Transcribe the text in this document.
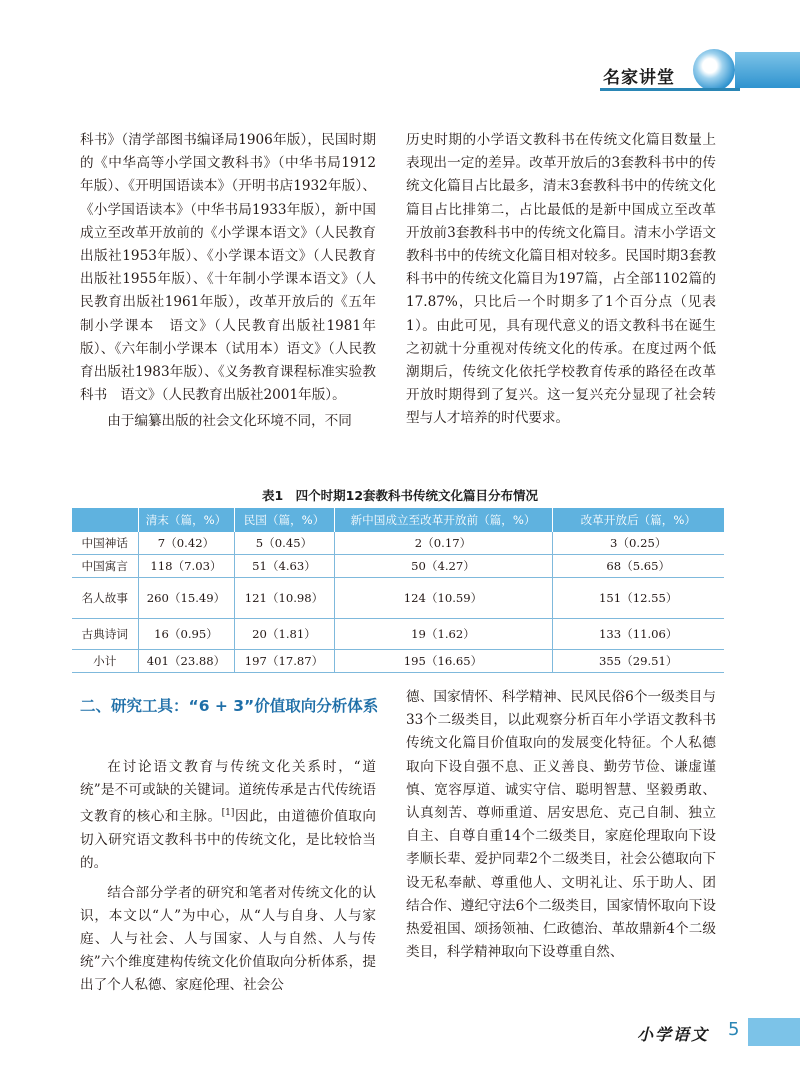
名家讲堂

科书》（清学部图书编译局1906年版），民国时期的《中华高等小学国文教科书》（中华书局1912年版）、《开明国语读本》（开明书店1932年版）、《小学国语读本》（中华书局1933年版），新中国成立至改革开放前的《小学课本语文》（人民教育出版社1953年版）、《小学课本语文》（人民教育出版社1955年版）、《十年制小学课本语文》（人民教育出版社1961年版），改革开放后的《五年制小学课本　语文》（人民教育出版社1981年版）、《六年制小学课本（试用本）语文》（人民教育出版社1983年版）、《义务教育课程标准实验教科书　语文》（人民教育出版社2001年版）。

由于编纂出版的社会文化环境不同，不同

历史时期的小学语文教科书在传统文化篇目数量上表现出一定的差异。改革开放后的3套教科书中的传统文化篇目占比最多，清末3套教科书中的传统文化篇目占比排第二，占比最低的是新中国成立至改革开放前3套教科书中的传统文化篇目。清末小学语文教科书中的传统文化篇目相对较多。民国时期3套教科书中的传统文化篇目为197篇，占全部1102篇的17.87%，只比后一个时期多了1个百分点（见表1）。由此可见，具有现代意义的语文教科书在诞生之初就十分重视对传统文化的传承。在度过两个低潮期后，传统文化依托学校教育传承的路径在改革开放时期得到了复兴。这一复兴充分显现了社会转型与人才培养的时代要求。

表1　四个时期12套教科书传统文化篇目分布情况
	清末（篇，%）	民国（篇，%）	新中国成立至改革开放前（篇，%）	改革开放后（篇，%）
中国神话	7（0.42）	5（0.45）	2（0.17）	3（0.25）
中国寓言	118（7.03）	51（4.63）	50（4.27）	68（5.65）
名人故事	260（15.49）	121（10.98）	124（10.59）	151（12.55）
古典诗词	16（0.95）	20（1.81）	19（1.62）	133（11.06）
小计	401（23.88）	197（17.87）	195（16.65）	355（29.51）
二、研究工具：“6 + 3”价值取向分析体系

在讨论语文教育与传统文化关系时，“道统”是不可或缺的关键词。道统传承是古代传统语文教育的核心和主脉。[1]因此，由道德价值取向切入研究语文教科书中的传统文化，是比较恰当的。

结合部分学者的研究和笔者对传统文化的认识，本文以“人”为中心，从“人与自身、人与家庭、人与社会、人与国家、人与自然、人与传统”六个维度建构传统文化价值取向分析体系，提出了个人私德、家庭伦理、社会公

德、国家情怀、科学精神、民风民俗6个一级类目与33个二级类目，以此观察分析百年小学语文教科书传统文化篇目价值取向的发展变化特征。个人私德取向下设自强不息、正义善良、勤劳节俭、谦虚谨慎、宽容厚道、诚实守信、聪明智慧、坚毅勇敢、认真刻苦、尊师重道、居安思危、克己自制、独立自主、自尊自重14个二级类目，家庭伦理取向下设孝顺长辈、爱护同辈2个二级类目，社会公德取向下设无私奉献、尊重他人、文明礼让、乐于助人、团结合作、遵纪守法6个二级类目，国家情怀取向下设热爱祖国、颂扬领袖、仁政德治、革故鼎新4个二级类目，科学精神取向下设尊重自然、

小学语文 5
